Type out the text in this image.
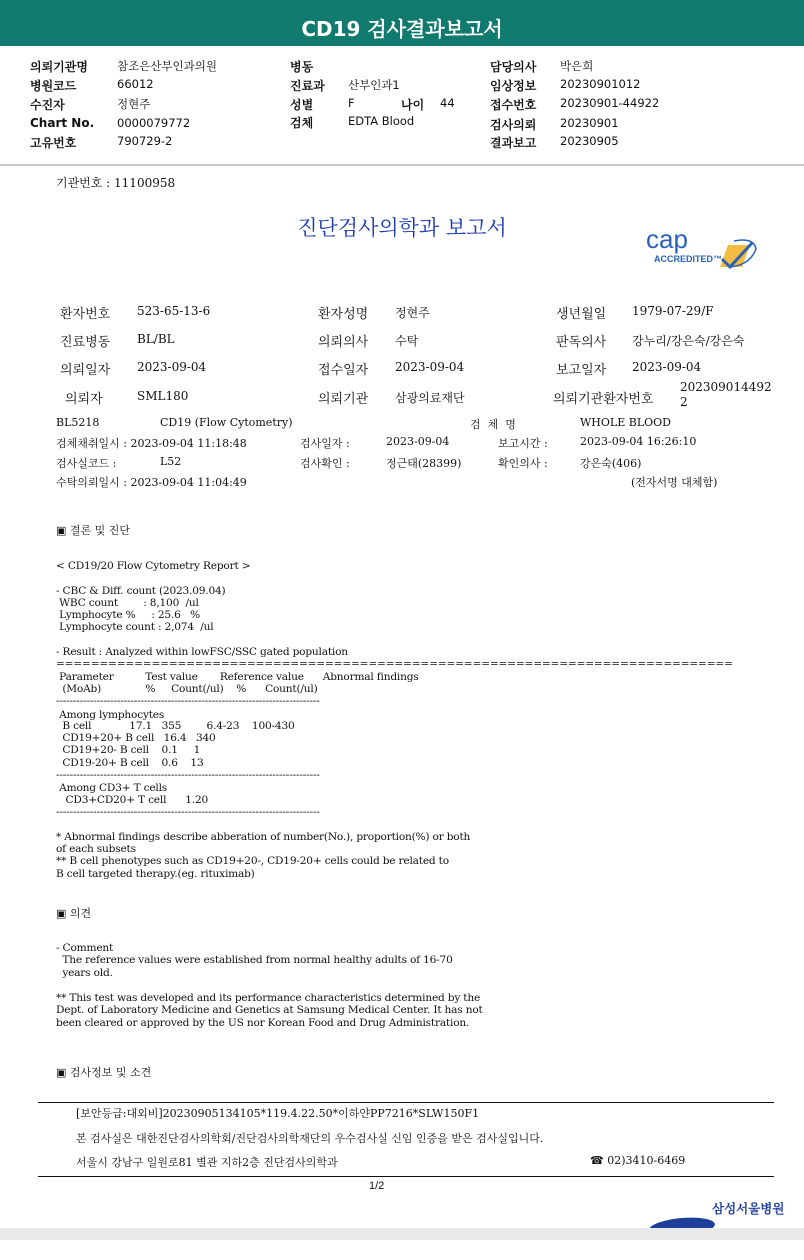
CD19 검사결과보고서
의뢰기관명	참조은산부인과의원
병원코드	66012
수진자	정현주
Chart No. 0000079772
고유번호	790729-2
병동
진료과 산부인과1
성별	F	나이 44
검체	EDTA Blood
담당의사 박은희
임상정보 20230901012
접수번호 20230901-44922
검사의뢰 20230901
결과보고 20230905
기관번호 : 11100958
진단검사의학과 보고서

	cap

ACCREDITED™

환자번호 523-65-13-6	환자성명 정현주	생년월일 1979-07-29/F
진료병동 BL/BL	의뢰의사 수탁	판독의사 강누리/강은숙/강은숙
의뢰일자 2023-09-04	접수일자 2023-09-04	보고일자 2023-09-04
의뢰자	SML180	의뢰기관 삼광의료재단	의뢰기관환자번호
202309014492
2
BL5218	CD19 (Flow Cytometry)	검  체  명	WHOLE BLOOD
검체채취일시 : 2023-09-04 11:18:48	검사일자 :	2023-09-04	보고시간 :	2023-09-04 16:26:10
검사실코드 :	L52	검사확인 :	정근태(28399)	확인의사 :	강은숙(406)
수탁의뢰일시 : 2023-09-04 11:04:49	(전자서명 대체함)
▣ 결론 및 진단
▣ 의견
▣ 검사정보 및 소견
< CD19/20 Flow Cytometry Report >
- CBC & Diff. count (2023.09.04)
WBC count        : 8,100  /ul
Lymphocyte %     : 25.6   %
Lymphocyte count : 2,074  /ul
- Result : Analyzed within lowFSC/SSC gated population
==============================================================================
Parameter          Test value       Reference value      Abnormal findings
(MoAb)              %     Count(/ul)    %      Count(/ul)
------------------------------------------------------------------------------
Among lymphocytes
B cell            17.1   355        6.4-23    100-430
CD19+20+ B cell   16.4   340
CD19+20- B cell    0.1     1
CD19-20+ B cell    0.6    13
------------------------------------------------------------------------------
Among CD3+ T cells
CD3+CD20+ T cell      1.20
------------------------------------------------------------------------------
* Abnormal findings describe abberation of number(No.), proportion(%) or both
of each subsets
** B cell phenotypes such as CD19+20-, CD19-20+ cells could be related to
B cell targeted therapy.(eg. rituximab)
- Comment
The reference values were established from normal healthy adults of 16-70
years old.
** This test was developed and its performance characteristics determined by the
Dept. of Laboratory Medicine and Genetics at Samsung Medical Center. It has not
been cleared or approved by the US nor Korean Food and Drug Administration.
[보안등급:대외비]20230905134105*119.4.22.50*이하얀PP7216*SLW150F1
본 검사실은 대한진단검사의학회/진단검사의학재단의 우수검사실 신임 인증을 받은 검사실입니다.
서울시 강남구 일원로81 별관 지하2층 진단검사의학과	☎ 02)3410-6469
1/2

SAMSUNG 삼성서울병원
